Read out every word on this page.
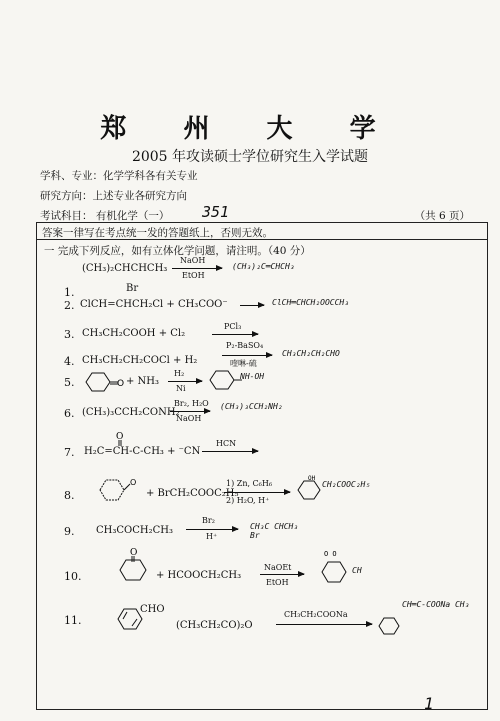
郑 州 大 学
2005 年攻读硕士学位研究生入学试题
学科、专业：化学学科各有关专业
研究方向：上述专业各研究方向
考试科目： 有机化学（一） 351	（共 6 页）
答案一律写在考点统一发的答题纸上，否则无效。
一 完成下列反应，如有立体化学问题，请注明。（40 分）
1.
(CH₃)₂CHCHCH₃
Br
NaOH
EtOH
(CH₃)₂C═CHCH₃
2. ClCH=CHCH₂Cl + CH₃COO⁻ → ClCH═CHCH₂OOCCH₃
3. CH₃CH₂COOH + Cl₂
PCl₃
4. CH₃CH₂CH₂COCl + H₂
P₂-BaSO₄
喹啉-硫
CH₃CH₂CH₂CHO
5.	O + NH₃
H₂
Ni
NH-OH
6. (CH₃)₃CCH₂CONH₂
Br₂, H₂O
NaOH
(CH₃)₃CCH₂NH₂
7.
O
H₂C=CH-C-CH₃ + ⁻CN
HCN
8.
O
+ BrCH₂COOC₂H₅
1) Zn, C₆H₆
2) H₂O, H⁺
OH
CH₂COOC₂H₅
9. CH₃COCH₂CH₃
Br₂
H⁺
CH₃C CHCH₃ Br
10.
O
+ HCOOCH₂CH₃
NaOEt
EtOH
O O
CH
11.
CHO
(CH₃CH₂CO)₂O
CH₃CH₂COONa
CH═C-COONa CH₃
1
